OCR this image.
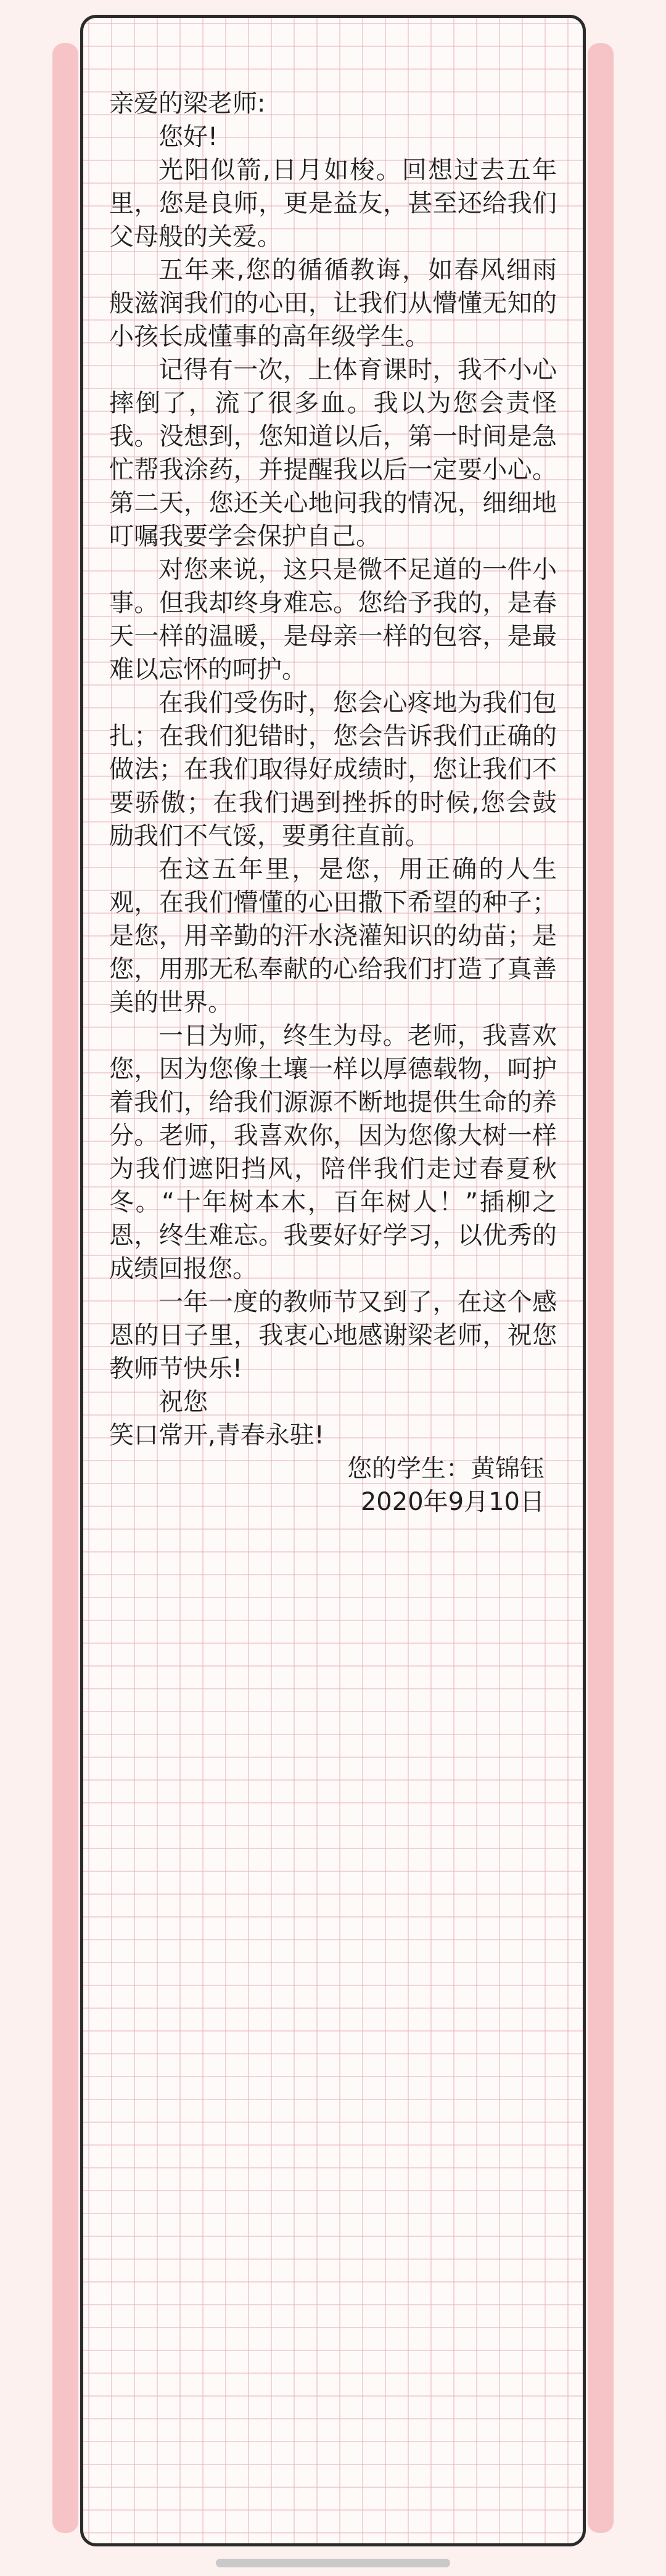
亲爱的梁老师:

您好!

光阳似箭,日月如梭。回想过去五年里，您是良师，更是益友，甚至还给我们父母般的关爱。

五年来,您的循循教诲，如春风细雨般滋润我们的心田，让我们从懵懂无知的小孩长成懂事的高年级学生。

记得有一次，上体育课时，我不小心摔倒了，流了很多血。我以为您会责怪我。没想到，您知道以后，第一时间是急忙帮我涂药，并提醒我以后一定要小心。第二天，您还关心地问我的情况，细细地叮嘱我要学会保护自己。

对您来说，这只是微不足道的一件小事。但我却终身难忘。您给予我的，是春天一样的温暖，是母亲一样的包容，是最难以忘怀的呵护。

在我们受伤时，您会心疼地为我们包扎；在我们犯错时，您会告诉我们正确的做法；在我们取得好成绩时，您让我们不要骄傲；在我们遇到挫拆的时候,您会鼓励我们不气馁，要勇往直前。

在这五年里，是您，用正确的人生观，在我们懵懂的心田撒下希望的种子；是您，用辛勤的汗水浇灌知识的幼苗；是您，用那无私奉献的心给我们打造了真善美的世界。

一日为师，终生为母。老师，我喜欢您，因为您像土壤一样以厚德载物，呵护着我们，给我们源源不断地提供生命的养分。老师，我喜欢你，因为您像大树一样为我们遮阳挡风，陪伴我们走过春夏秋冬。“十年树本木，百年树人！”插柳之恩，终生难忘。我要好好学习，以优秀的成绩回报您。

一年一度的教师节又到了，在这个感恩的日子里，我衷心地感谢梁老师，祝您教师节快乐!

祝您

笑口常开,青春永驻!

您的学生：黄锦钰

2020年9月10日
